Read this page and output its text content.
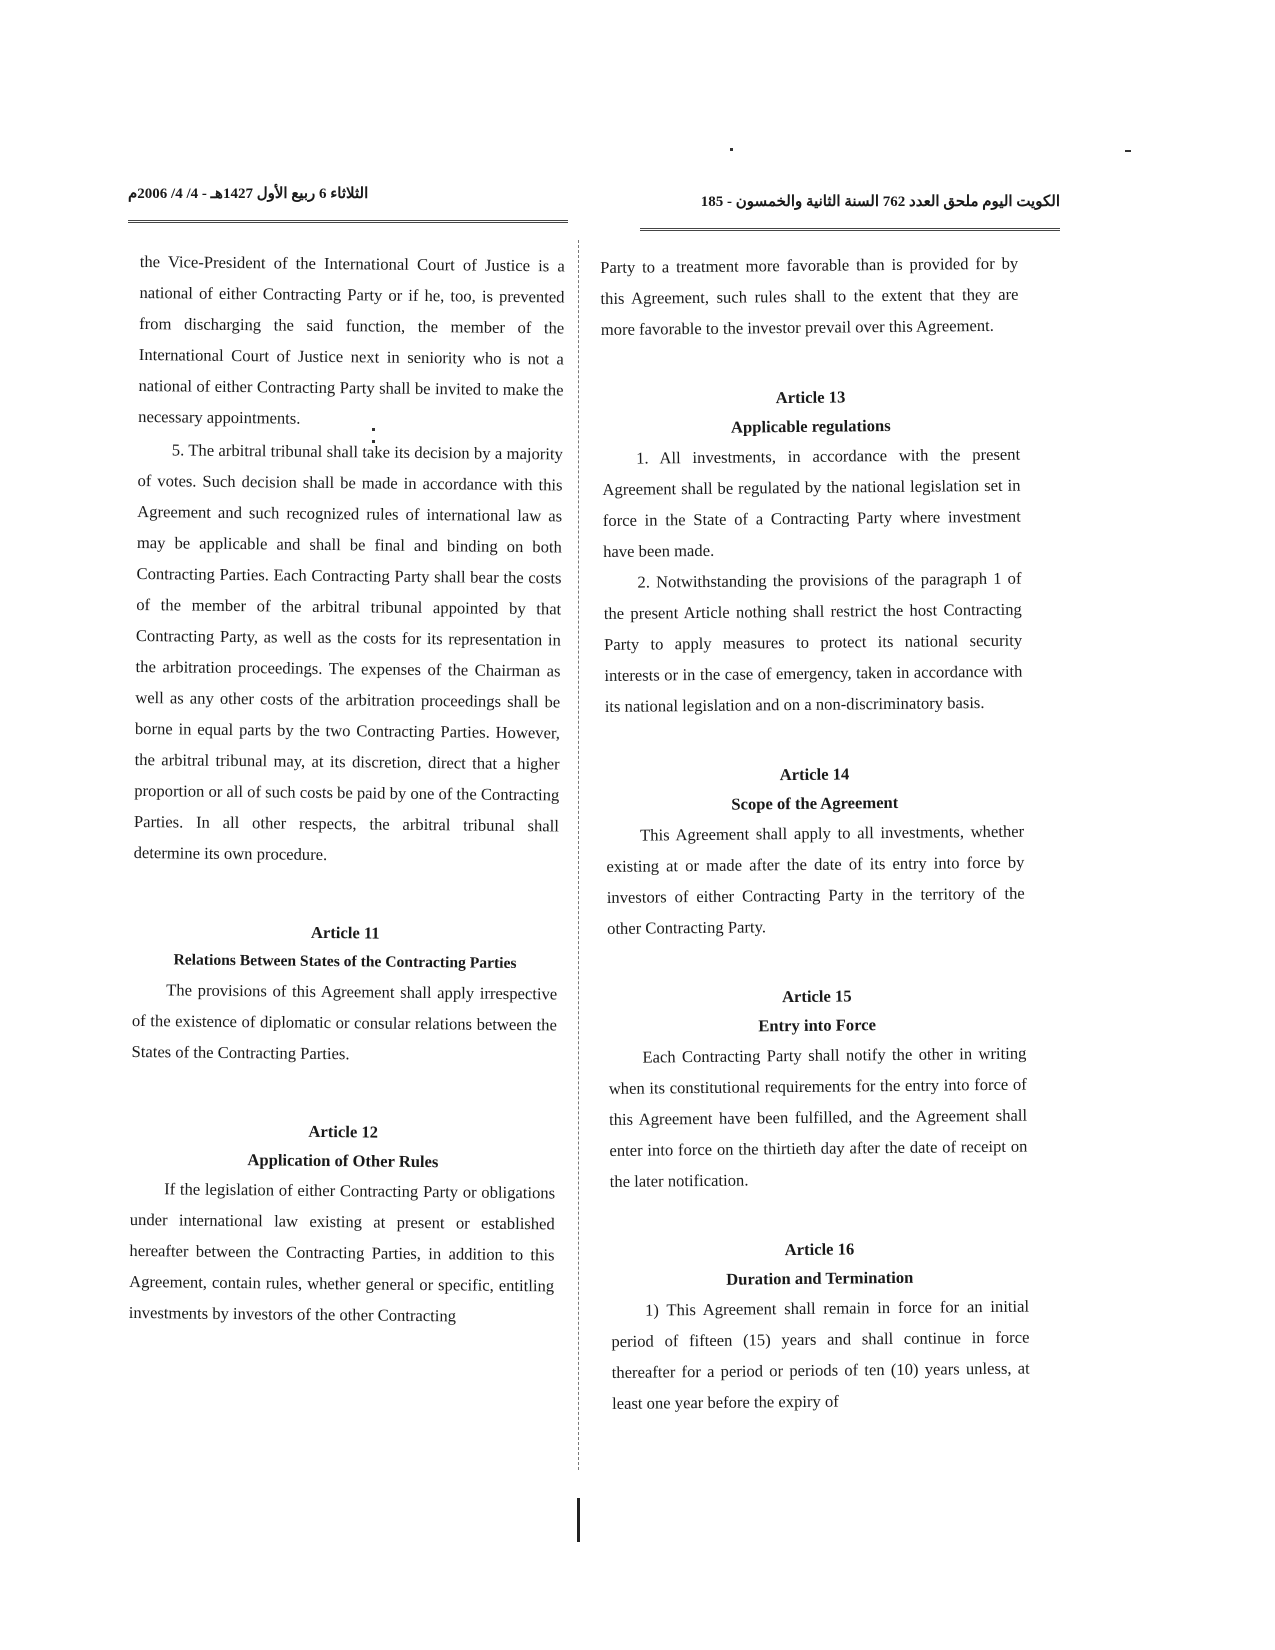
الثلاثاء 6 ربيع الأول 1427هـ - 4/ 4/ 2006م	الكويت اليوم ملحق العدد 762 السنة الثانية والخمسون - 185

the Vice-President of the International Court of Justice is a national of either Contracting Party or if he, too, is prevented from discharging the said function, the member of the International Court of Justice next in seniority who is not a national of either Contracting Party shall be invited to make the necessary appointments.

5. The arbitral tribunal shall take its decision by a majority of votes. Such decision shall be made in accordance with this Agreement and such recognized rules of international law as may be applicable and shall be final and binding on both Contracting Parties. Each Contracting Party shall bear the costs of the member of the arbitral tribunal appointed by that Contracting Party, as well as the costs for its representation in the arbitration proceedings. The expenses of the Chairman as well as any other costs of the arbitration proceedings shall be borne in equal parts by the two Contracting Parties. However, the arbitral tribunal may, at its discretion, direct that a higher proportion or all of such costs be paid by one of the Contracting Parties. In all other respects, the arbitral tribunal shall determine its own procedure.

Article 11
Relations Between States of the Contracting Parties

The provisions of this Agreement shall apply irrespective of the existence of diplomatic or consular relations between the States of the Contracting Parties.

Article 12
Application of Other Rules

If the legislation of either Contracting Party or obligations under international law existing at present or established hereafter between the Contracting Parties, in addition to this Agreement, contain rules, whether general or specific, entitling investments by investors of the other Contracting

Party to a treatment more favorable than is provided for by this Agreement, such rules shall to the extent that they are more favorable to the investor prevail over this Agreement.

Article 13
Applicable regulations

1. All investments, in accordance with the present Agreement shall be regulated by the national legislation set in force in the State of a Contracting Party where investment have been made.

2. Notwithstanding the provisions of the paragraph 1 of the present Article nothing shall restrict the host Contracting Party to apply measures to protect its national security interests or in the case of emergency, taken in accordance with its national legislation and on a non-discriminatory basis.

Article 14
Scope of the Agreement

This Agreement shall apply to all investments, whether existing at or made after the date of its entry into force by investors of either Contracting Party in the territory of the other Contracting Party.

Article 15
Entry into Force

Each Contracting Party shall notify the other in writing when its constitutional requirements for the entry into force of this Agreement have been fulfilled, and the Agreement shall enter into force on the thirtieth day after the date of receipt on the later notification.

Article 16
Duration and Termination

1) This Agreement shall remain in force for an initial period of fifteen (15) years and shall continue in force thereafter for a period or periods of ten (10) years unless, at least one year before the expiry of
